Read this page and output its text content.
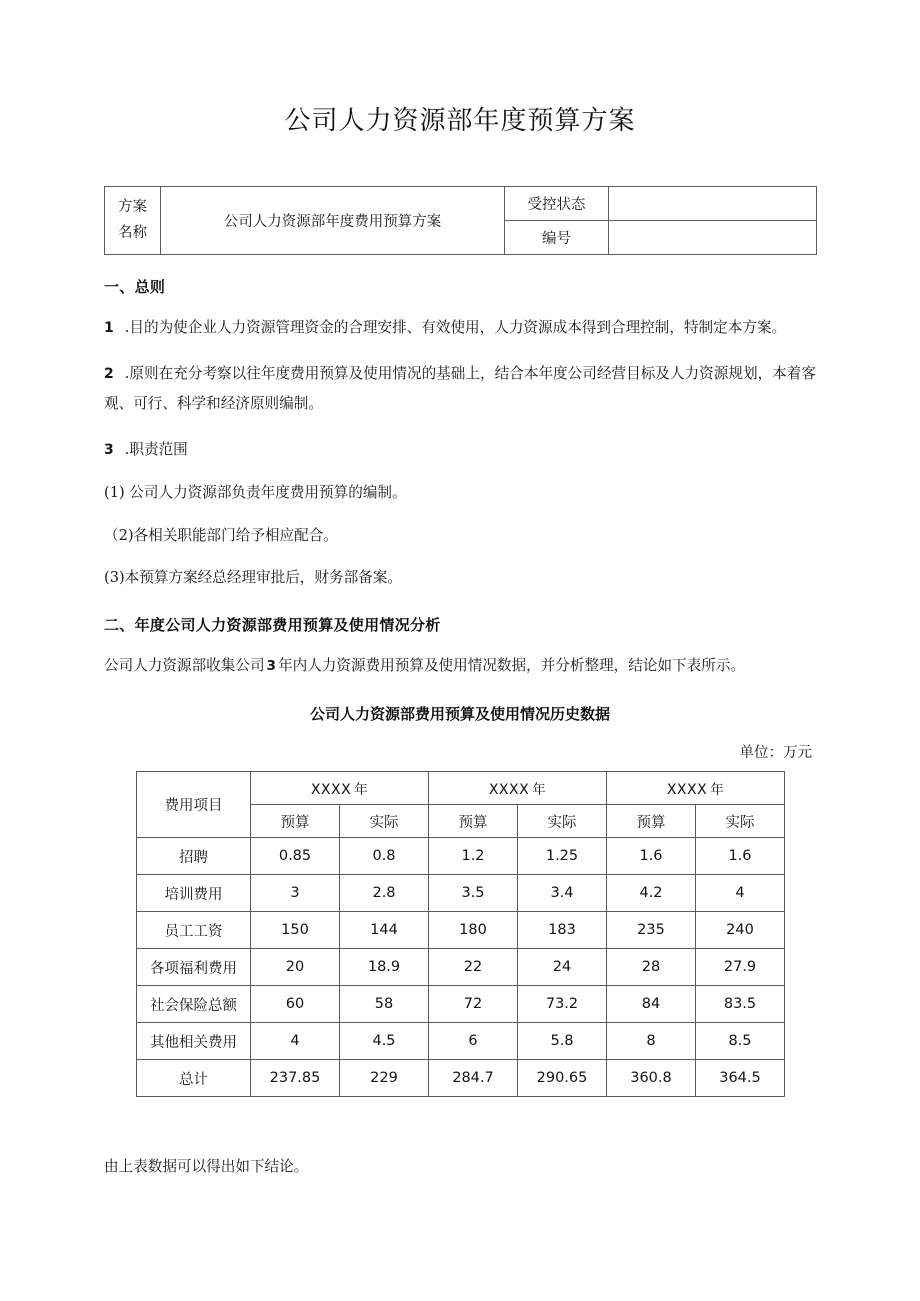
公司人力资源部年度预算方案
方案
名称	公司人力资源部年度费用预算方案	受控状态	
		编号	
一、总则

1 .目的为使企业人力资源管理资金的合理安排、有效使用，人力资源成本得到合理控制，特制定本方案。

2 .原则在充分考察以往年度费用预算及使用情况的基础上，结合本年度公司经营目标及人力资源规划，本着客观、可行、科学和经济原则编制。

3 .职责范围

(1) 公司人力资源部负责年度费用预算的编制。

（2)各相关职能部门给予相应配合。

(3)本预算方案经总经理审批后，财务部备案。

二、年度公司人力资源部费用预算及使用情况分析

公司人力资源部收集公司 3 年内人力资源费用预算及使用情况数据，并分析整理，结论如下表所示。

公司人力资源部费用预算及使用情况历史数据

单位：万元

费用项目	XXXX 年		XXXX 年		XXXX 年	
	预算	实际	预算	实际	预算	实际
招聘	0.85	0.8	1.2	1.25	1.6	1.6
培训费用	3	2.8	3.5	3.4	4.2	4
员工工资	150	144	180	183	235	240
各项福利费用	20	18.9	22	24	28	27.9
社会保险总额	60	58	72	73.2	84	83.5
其他相关费用	4	4.5	6	5.8	8	8.5
总计	237.85	229	284.7	290.65	360.8	364.5

由上表数据可以得出如下结论。
